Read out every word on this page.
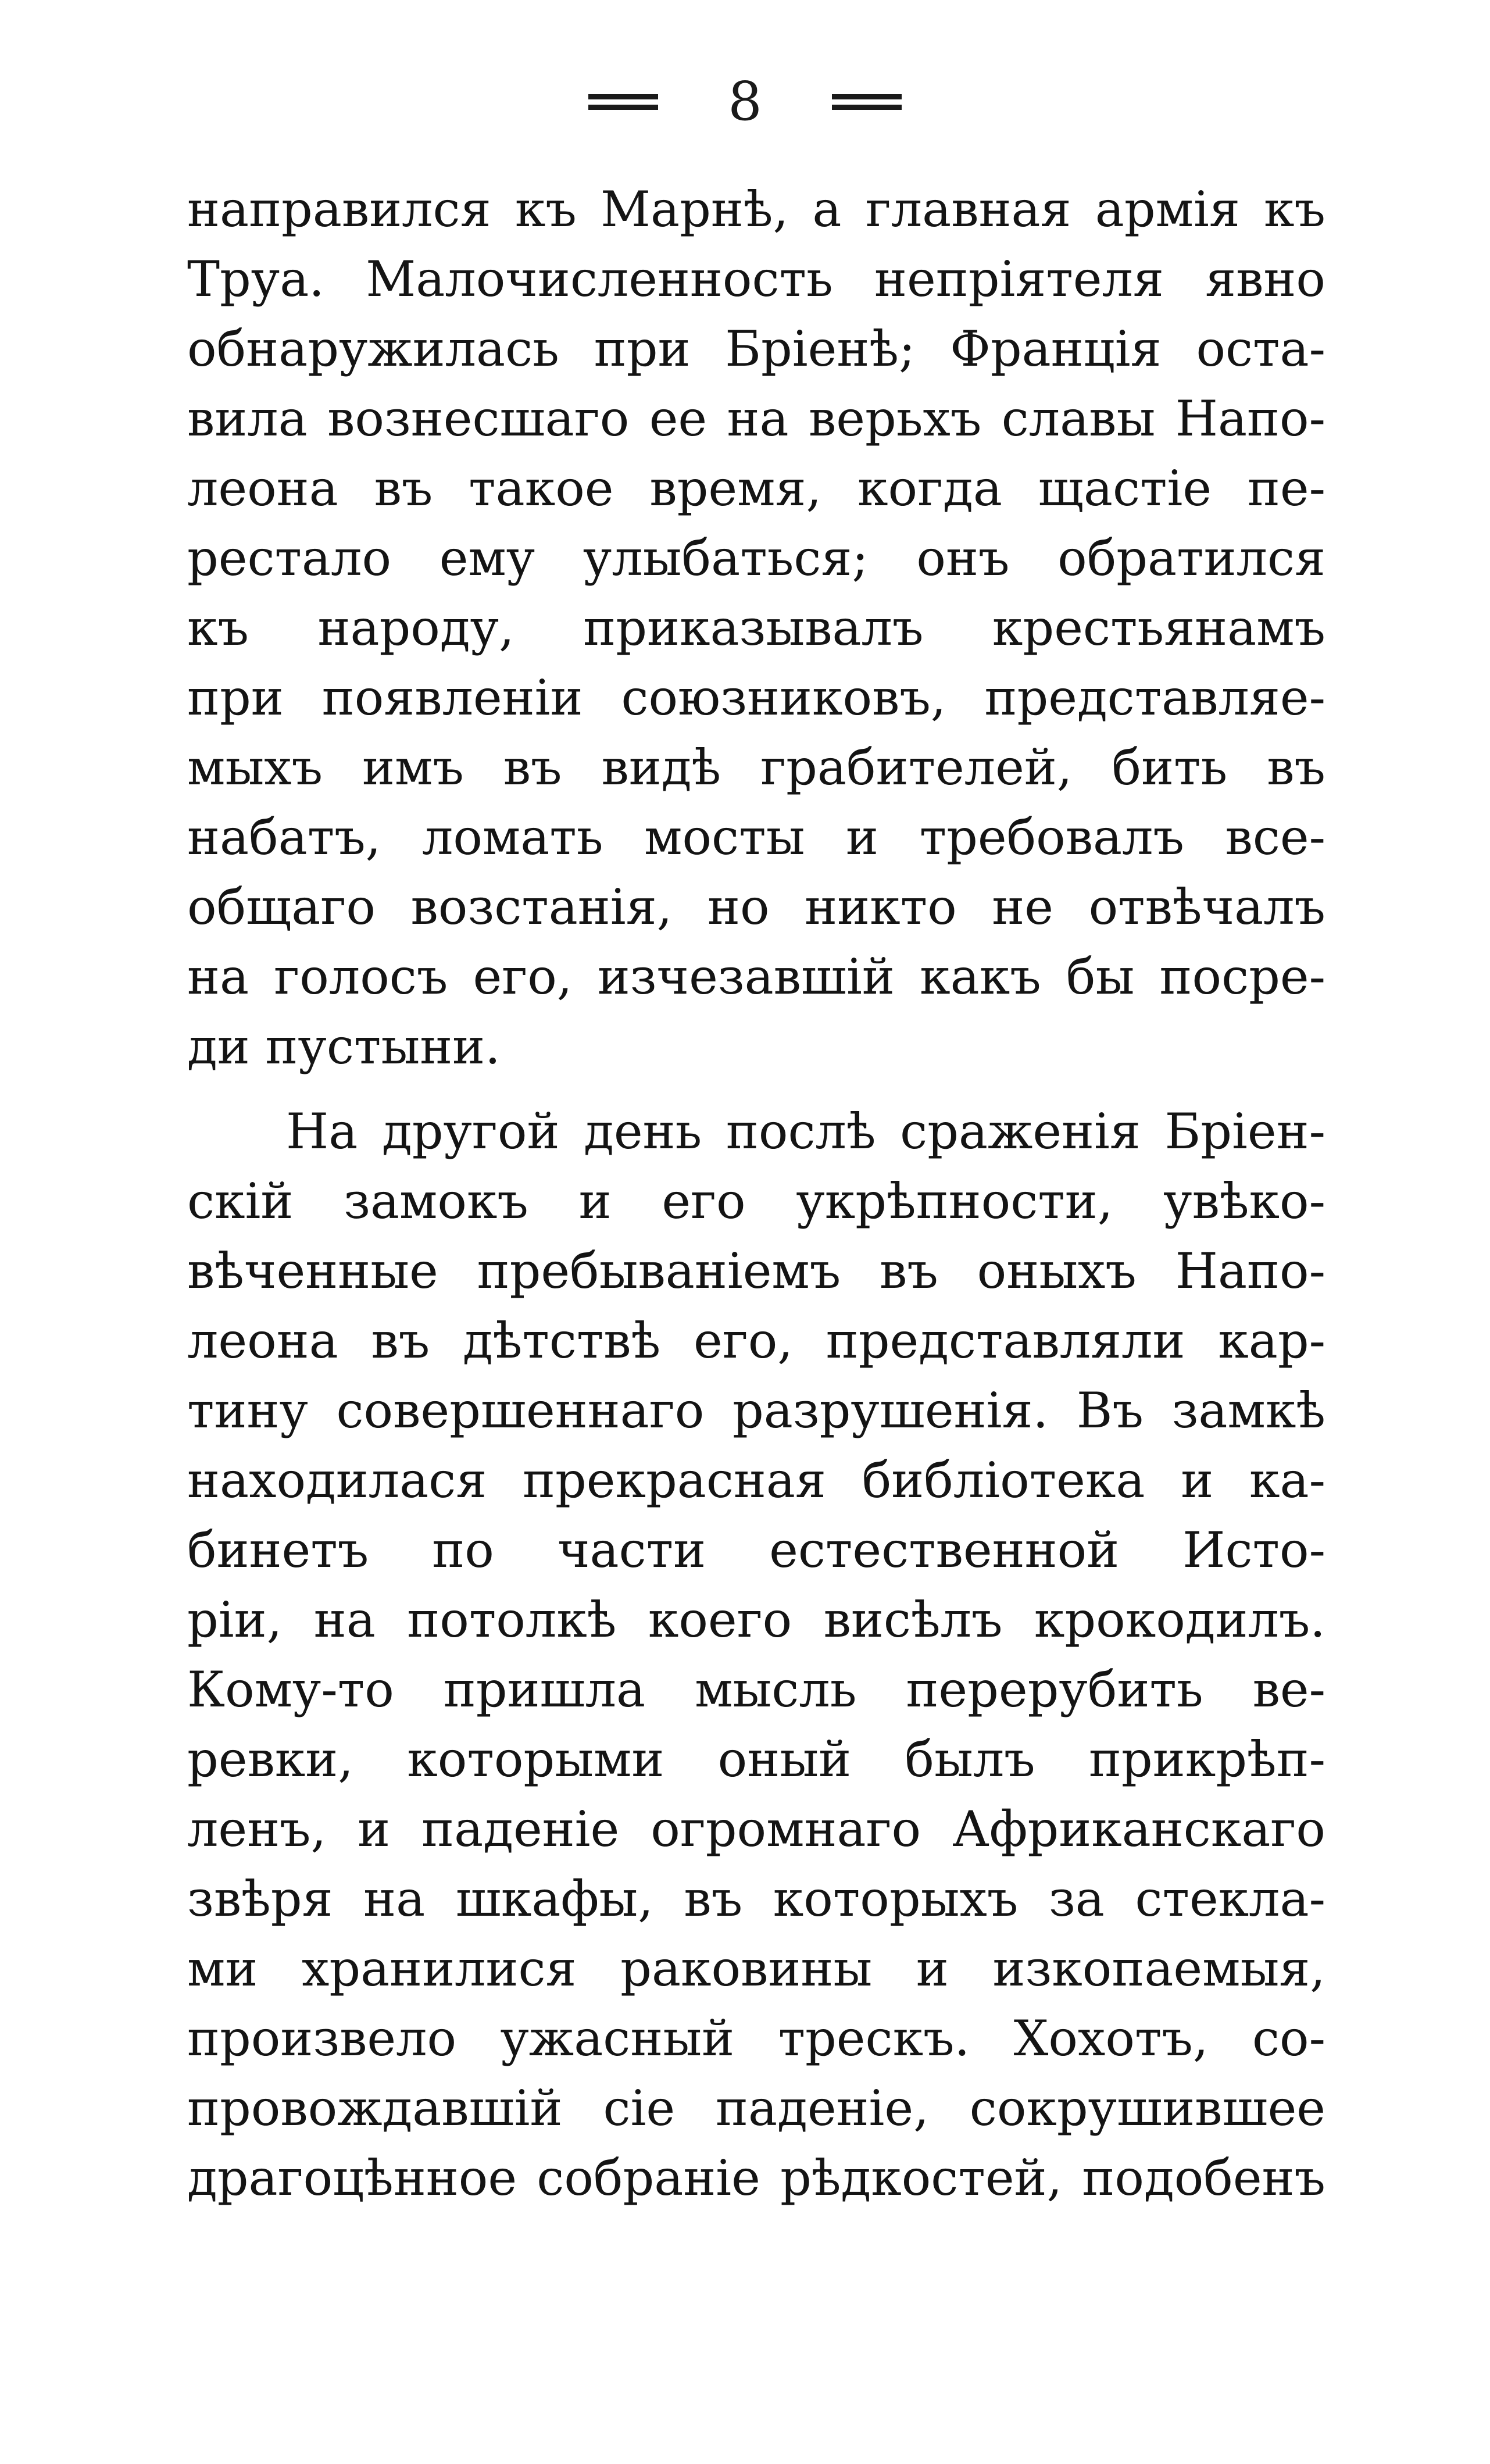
8
направился къ Марнѣ, а главная армія къ
Труа. Малочисленность непріятеля явно
обнаружилась при Бріенѣ; Франція оста-
вила вознесшаго ее на верьхъ славы Напо-
леона въ такое время, когда щастіе пе-
рестало ему улыбаться; онъ обратился
къ народу, приказывалъ крестьянамъ
при появленіи союзниковъ, представляе-
мыхъ имъ въ видѣ грабителей, бить въ
набатъ, ломать мосты и требовалъ все-
общаго возстанія, но никто не отвѣчалъ
на голосъ его, изчезавшій какъ бы посре-
ди пустыни.
На другой день послѣ сраженія Бріен-
скій замокъ и его укрѣпности, увѣко-
вѣченные пребываніемъ въ оныхъ Напо-
леона въ дѣтствѣ его, представляли кар-
тину совершеннаго разрушенія. Въ замкѣ
находилася прекрасная библіотека и ка-
бинетъ по части естественной Исто-
ріи, на потолкѣ коего висѣлъ крокодилъ.
Кому-то пришла мысль перерубить ве-
ревки, которыми оный былъ прикрѣп-
ленъ, и паденіе огромнаго Африканскаго
звѣря на шкафы, въ которыхъ за стекла-
ми хранилися раковины и изкопаемыя,
произвело ужасный трескъ. Хохотъ, со-
провождавшій сіе паденіе, сокрушившее
драгоцѣнное собраніе рѣдкостей, подобенъ
